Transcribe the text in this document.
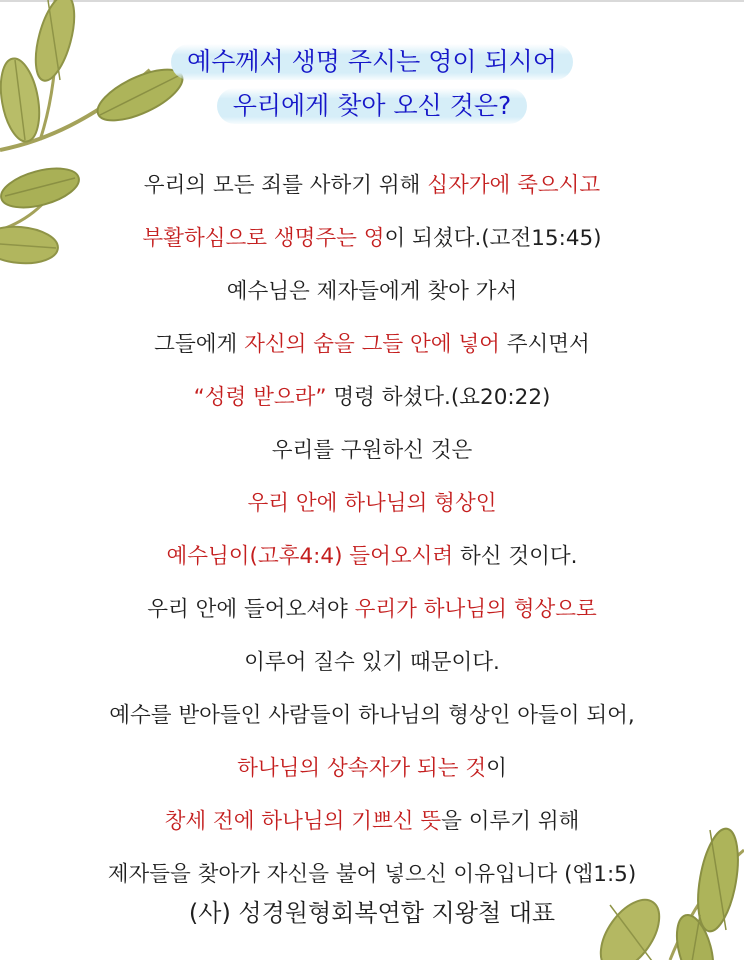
예수께서 생명 주시는 영이 되시어
우리에게 찾아 오신 것은?
우리의 모든 죄를 사하기 위해 십자가에 죽으시고
부활하심으로 생명주는 영이 되셨다.(고전15:45)
예수님은 제자들에게 찾아 가서
그들에게 자신의 숨을 그들 안에 넣어 주시면서
“성령 받으라” 명령 하셨다.(요20:22)
우리를 구원하신 것은
우리 안에 하나님의 형상인
예수님이(고후4:4) 들어오시려 하신 것이다.
우리 안에 들어오셔야 우리가 하나님의 형상으로
이루어 질수 있기 때문이다.
예수를 받아들인 사람들이 하나님의 형상인 아들이 되어,
하나님의 상속자가 되는 것이
창세 전에 하나님의 기쁘신 뜻을 이루기 위해
제자들을 찾아가 자신을 불어 넣으신 이유입니다 (엡1:5)
(사) 성경원형회복연합 지왕철 대표
